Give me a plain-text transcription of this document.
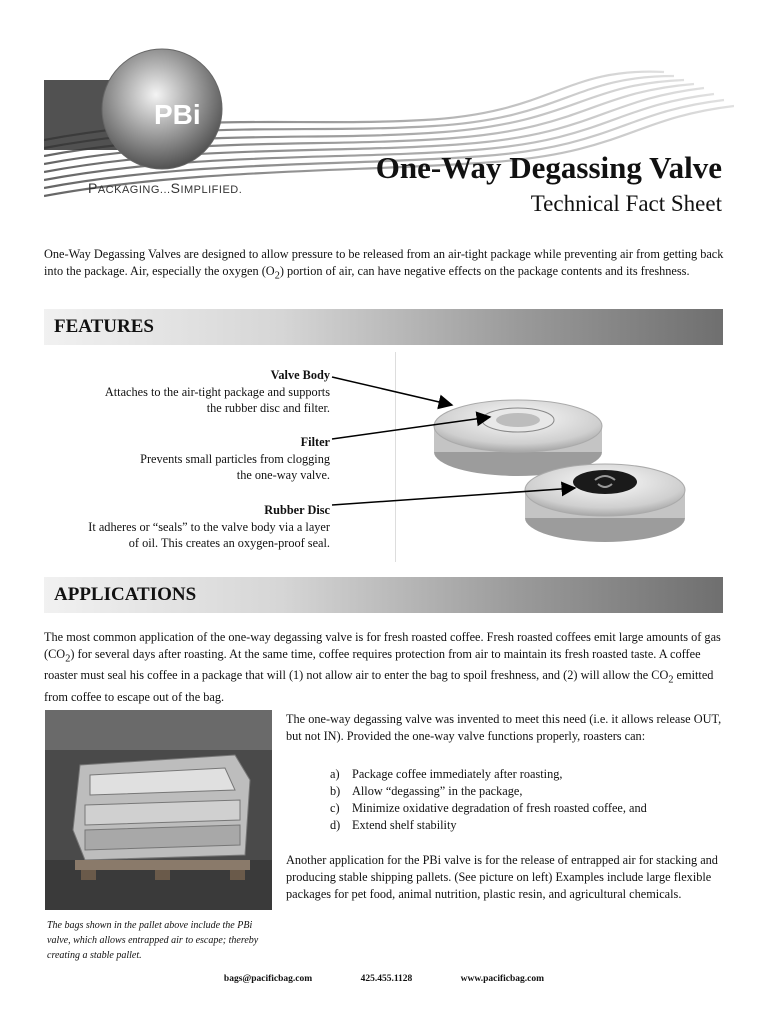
PBi
PACKAGING...SIMPLIFIED.
One-Way Degassing Valve
Technical Fact Sheet
One-Way Degassing Valves are designed to allow pressure to be released from an air-tight package while preventing air from getting back into the package. Air, especially the oxygen $(O_2)$ portion of air, can have negative effects on the package contents and its freshness.
FEATURES
Valve Body
Attaches to the air-tight package and supports
the rubber disc and filter.
Filter
Prevents small particles from clogging
the one-way valve.
Rubber Disc
It adheres or “seals” to the valve body via a layer
of oil. This creates an oxygen-proof seal.
APPLICATIONS
The most common application of the one-way degassing valve is for fresh roasted coffee. Fresh roasted coffees emit large amounts of gas $(CO_2)$ for several days after roasting. At the same time, coffee requires protection from air to maintain its fresh roasted taste. A coffee roaster must seal his coffee in a package that will (1) not allow air to enter the bag to spoil freshness, and (2) will allow the $CO_2$ emitted from coffee to escape out of the bag.
The bags shown in the pallet above include the PBi valve, which allows entrapped air to escape; thereby creating a stable pallet.
The one-way degassing valve was invented to meet this need (i.e. it allows release OUT, but not IN). Provided the one-way valve functions properly, roasters can:
a) Package coffee immediately after roasting,
b) Allow “degassing” in the package,
c) Minimize oxidative degradation of fresh roasted coffee, and
d) Extend shelf stability
Another application for the PBi valve is for the release of entrapped air for stacking and producing stable shipping pallets. (See picture on left) Examples include large flexible packages for pet food, animal nutrition, plastic resin, and agricultural chemicals.
bags@pacificbag.com	425.455.1128	www.pacificbag.com
